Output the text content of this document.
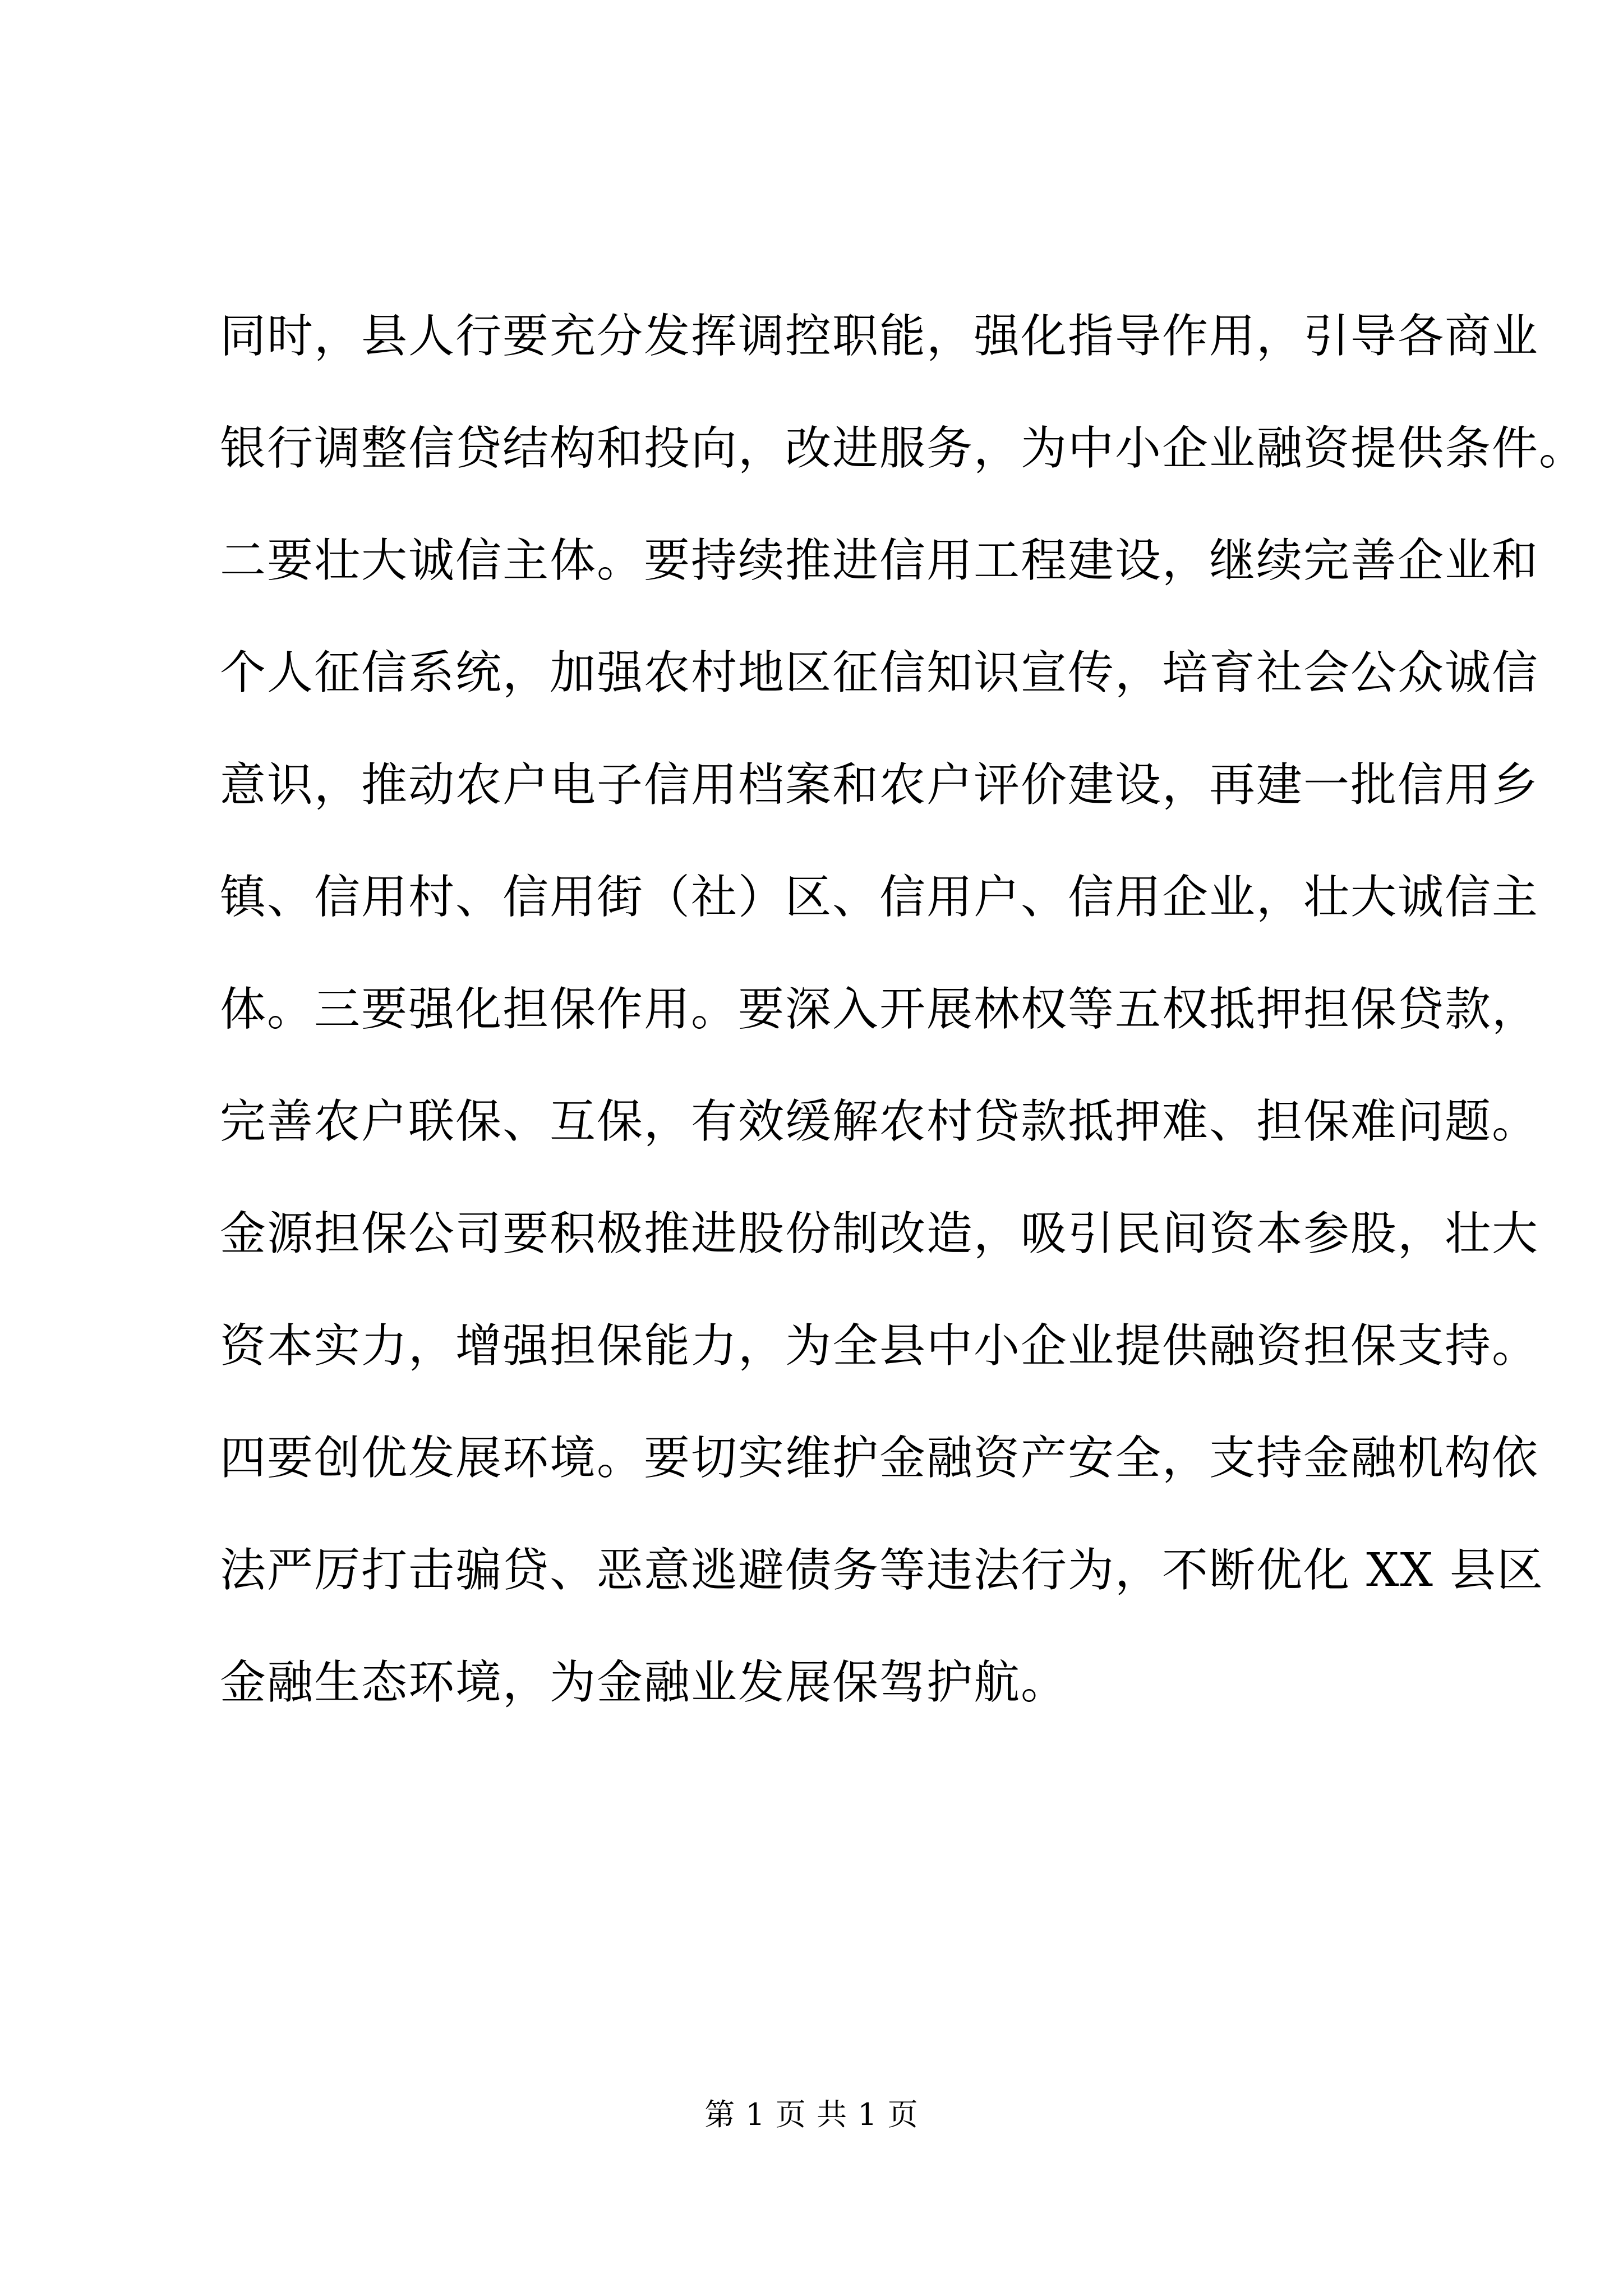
同时，县人行要充分发挥调控职能，强化指导作用，引导各商业
银行调整信贷结构和投向，改进服务，为中小企业融资提供条件。
二要壮大诚信主体。要持续推进信用工程建设，继续完善企业和
个人征信系统，加强农村地区征信知识宣传，培育社会公众诚信
意识，推动农户电子信用档案和农户评价建设，再建一批信用乡
镇、信用村、信用街（社）区、信用户、信用企业，壮大诚信主
体。三要强化担保作用。要深入开展林权等五权抵押担保贷款，
完善农户联保、互保，有效缓解农村贷款抵押难、担保难问题。
金源担保公司要积极推进股份制改造，吸引民间资本参股，壮大
资本实力，增强担保能力，为全县中小企业提供融资担保支持。
四要创优发展环境。要切实维护金融资产安全，支持金融机构依
法严厉打击骗贷、恶意逃避债务等违法行为，不断优化 XX 县区
金融生态环境，为金融业发展保驾护航。
第 1 页 共 1 页
